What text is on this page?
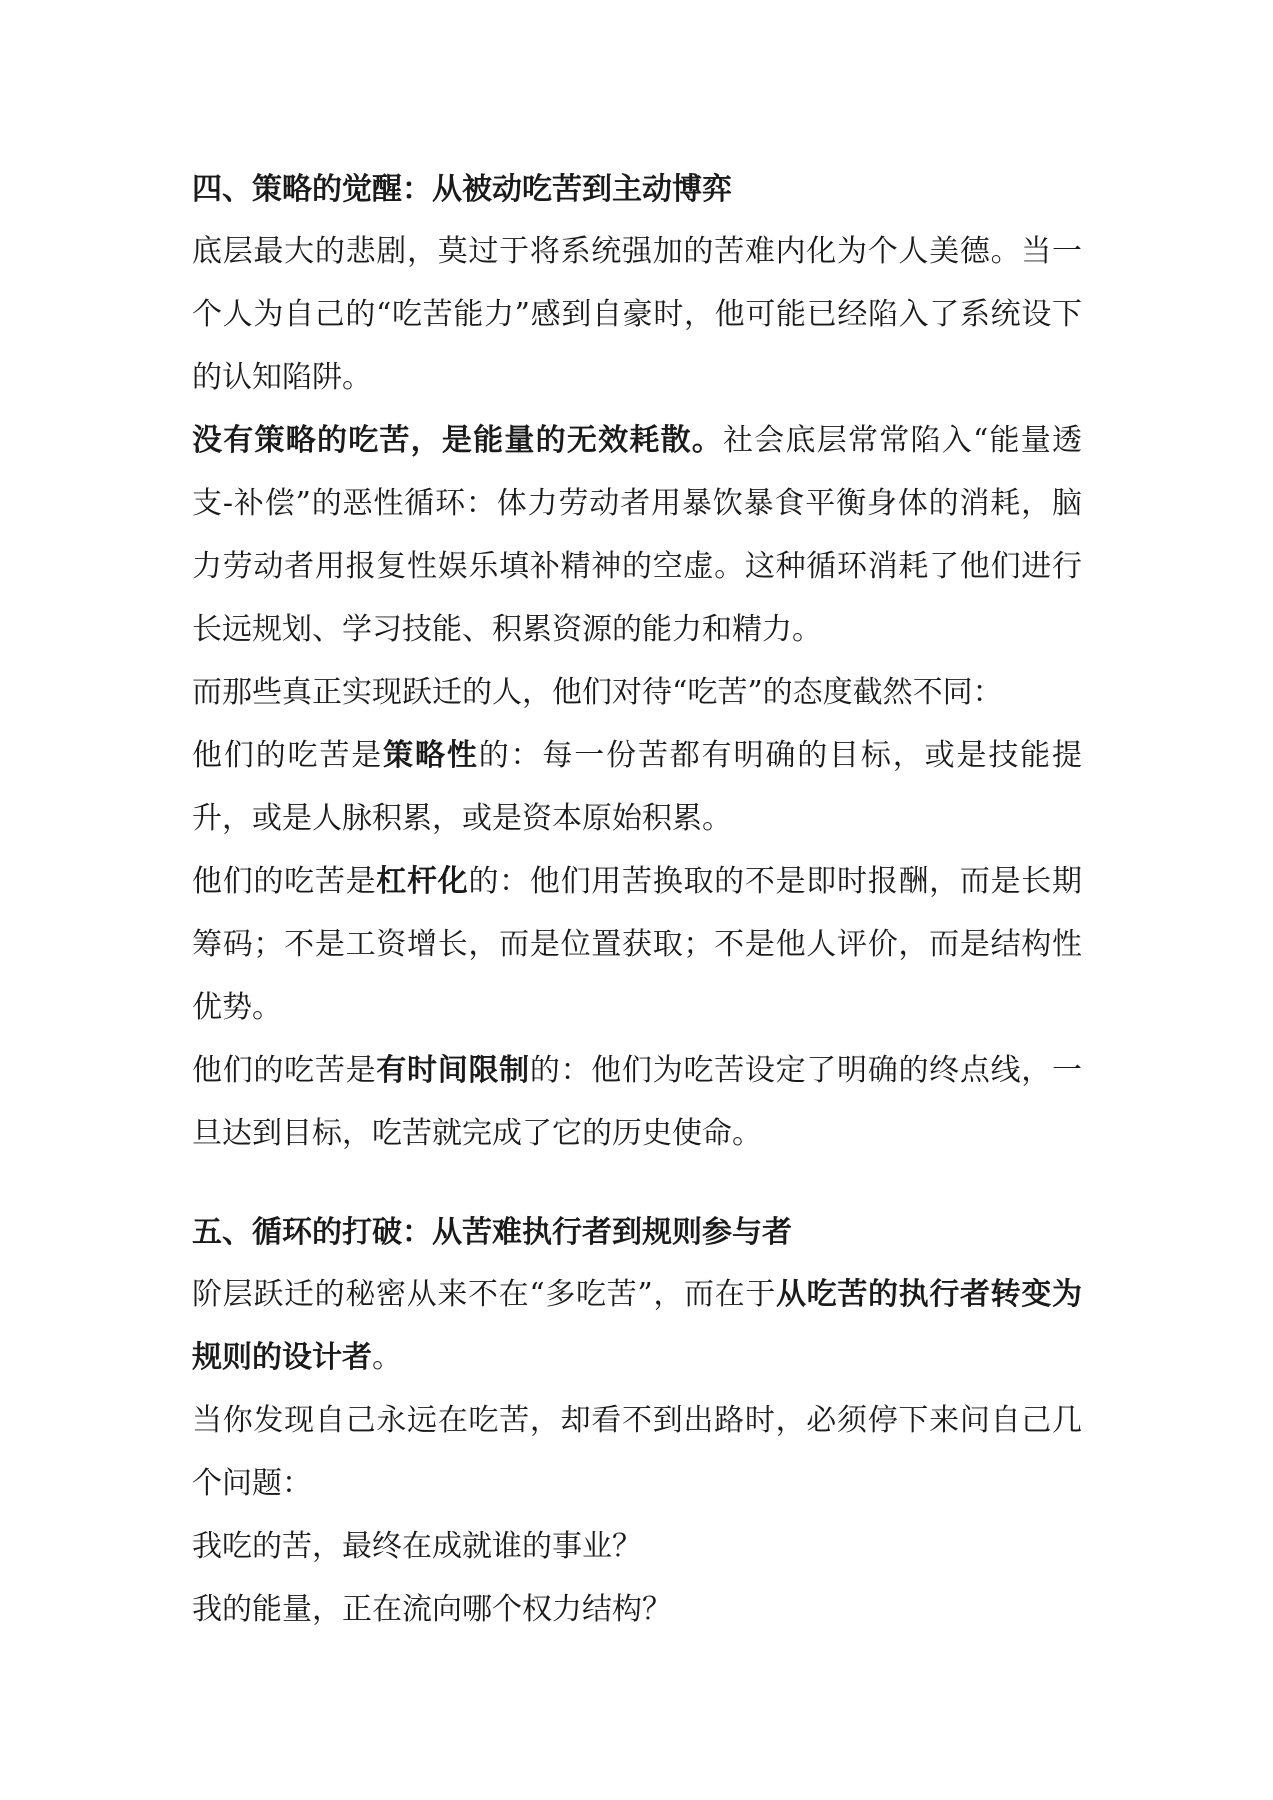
四、策略的觉醒：从被动吃苦到主动博弈

底层最大的悲剧，莫过于将系统强加的苦难内化为个人美德。当一个人为自己的“吃苦能力”感到自豪时，他可能已经陷入了系统设下的认知陷阱。

没有策略的吃苦，是能量的无效耗散。社会底层常常陷入“能量透支-补偿”的恶性循环：体力劳动者用暴饮暴食平衡身体的消耗，脑力劳动者用报复性娱乐填补精神的空虚。这种循环消耗了他们进行长远规划、学习技能、积累资源的能力和精力。

而那些真正实现跃迁的人，他们对待“吃苦”的态度截然不同：

他们的吃苦是策略性的：每一份苦都有明确的目标，或是技能提升，或是人脉积累，或是资本原始积累。

他们的吃苦是杠杆化的：他们用苦换取的不是即时报酬，而是长期筹码；不是工资增长，而是位置获取；不是他人评价，而是结构性优势。

他们的吃苦是有时间限制的：他们为吃苦设定了明确的终点线，一旦达到目标，吃苦就完成了它的历史使命。

五、循环的打破：从苦难执行者到规则参与者

阶层跃迁的秘密从来不在“多吃苦”，而在于从吃苦的执行者转变为规则的设计者。

当你发现自己永远在吃苦，却看不到出路时，必须停下来问自己几个问题：

我吃的苦，最终在成就谁的事业？

我的能量，正在流向哪个权力结构？
